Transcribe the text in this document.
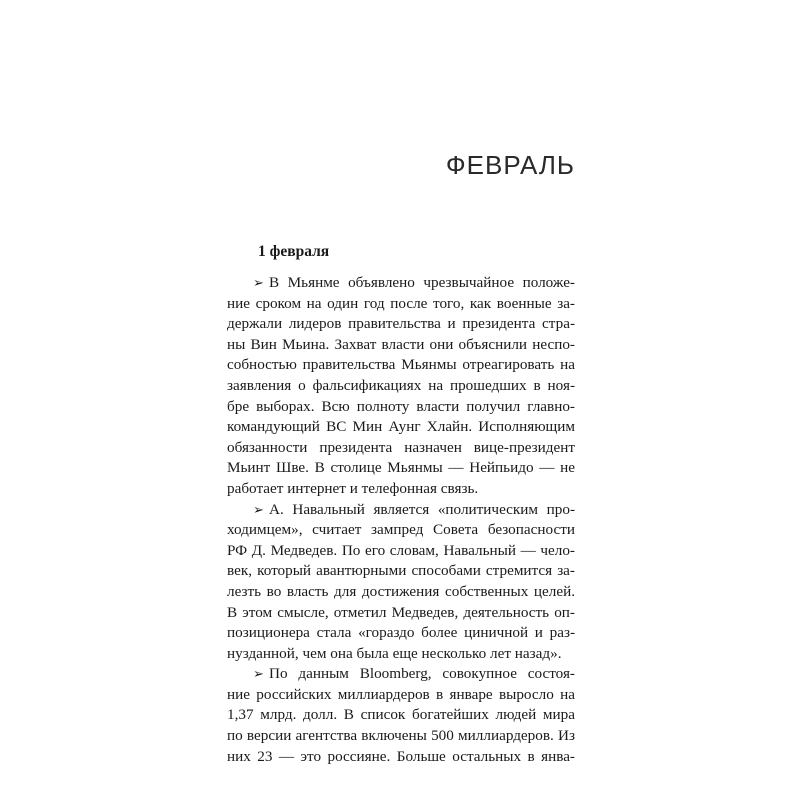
ФЕВРАЛЬ
1 февраля
➢ В Мьянме объявлено чрезвычайное положе-
ние сроком на один год после того, как военные за-
держали лидеров правительства и президента стра-
ны Вин Мьина. Захват власти они объяснили неспо-
собностью правительства Мьянмы отреагировать на
заявления о фальсификациях на прошедших в ноя-
бре выборах. Всю полноту власти получил главно-
командующий ВС Мин Аунг Хлайн. Исполняющим
обязанности президента назначен вице-президент
Мьинт Шве. В столице Мьянмы — Нейпьидо — не
работает интернет и телефонная связь.
➢ А. Навальный является «политическим про-
ходимцем», считает зампред Совета безопасности
РФ Д. Медведев. По его словам, Навальный — чело-
век, который авантюрными способами стремится за-
лезть во власть для достижения собственных целей.
В этом смысле, отметил Медведев, деятельность оп-
позиционера стала «гораздо более циничной и раз-
нузданной, чем она была еще несколько лет назад».
➢ По данным Bloomberg, совокупное состоя-
ние российских миллиардеров в январе выросло на
1,37 млрд. долл. В список богатейших людей мира
по версии агентства включены 500 миллиардеров. Из
них 23 — это россияне. Больше остальных в янва-
